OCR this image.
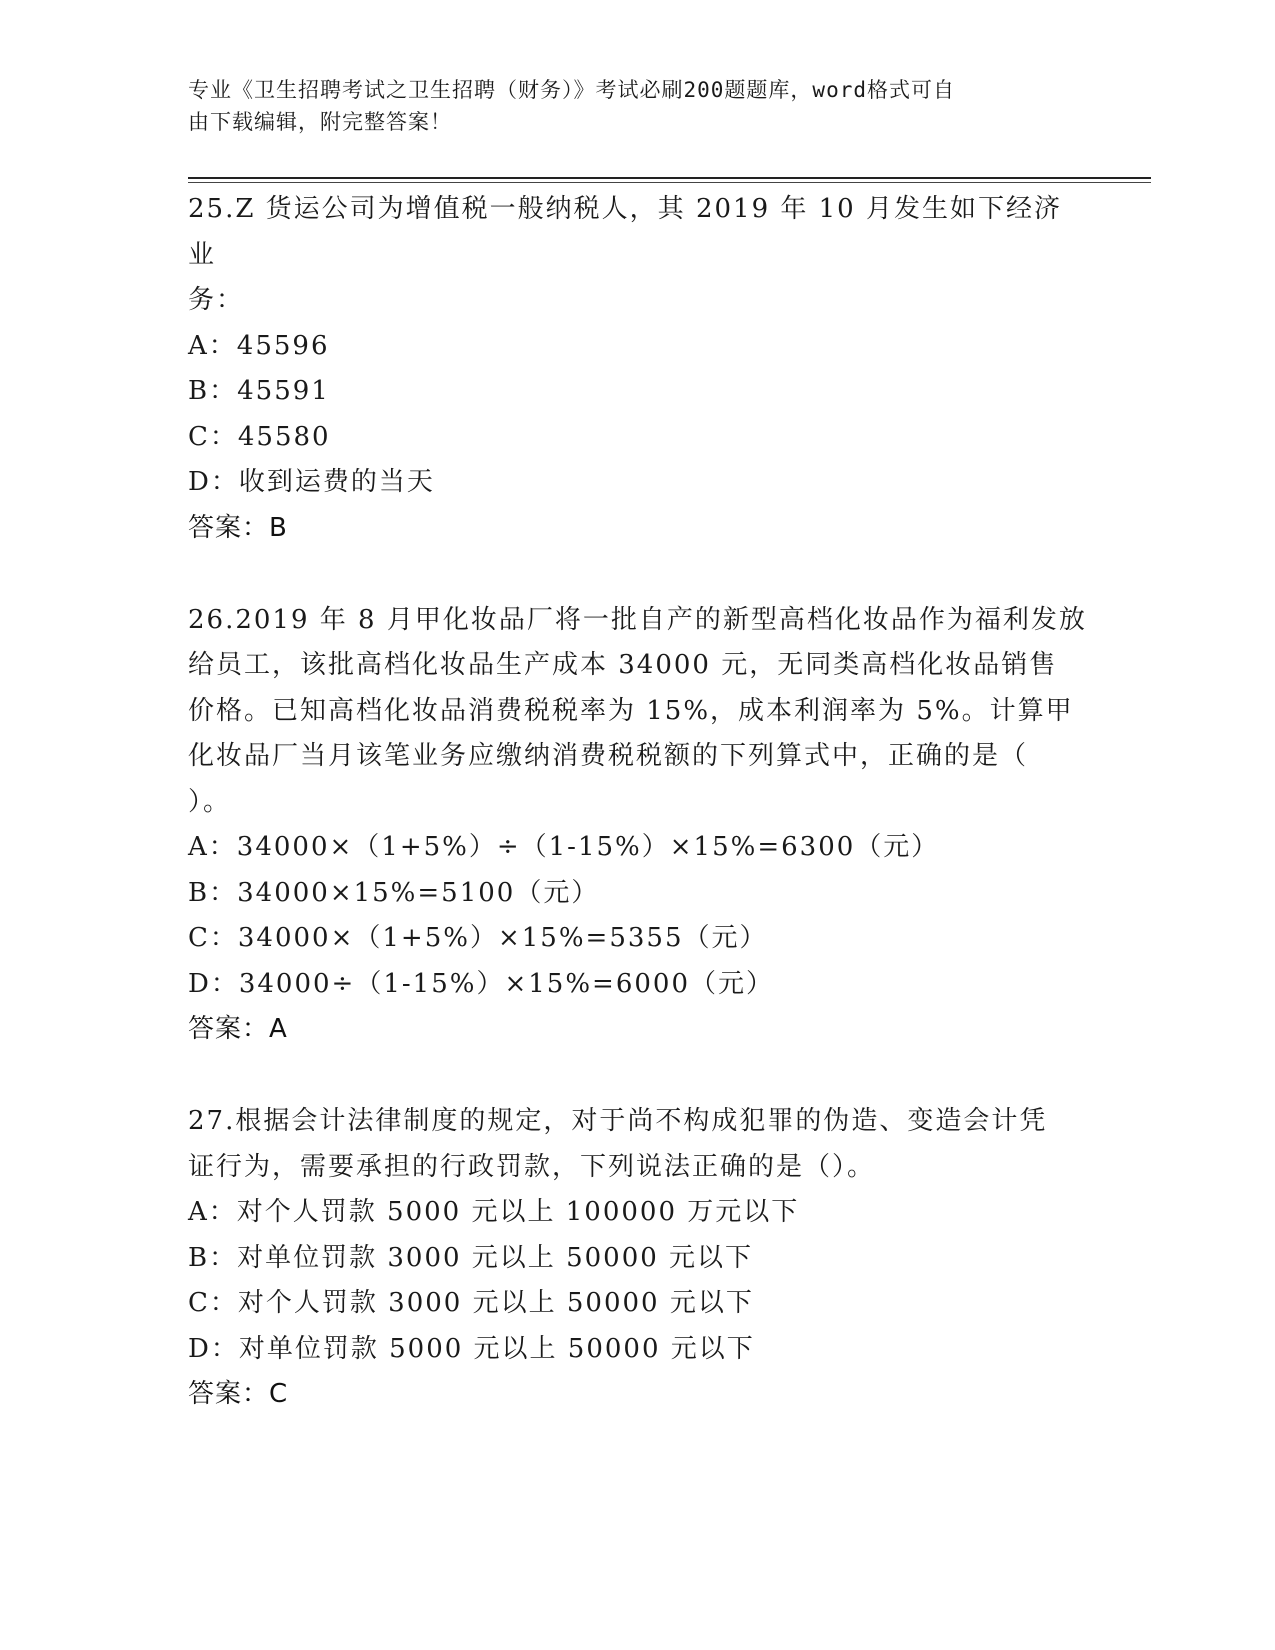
专业《卫生招聘考试之卫生招聘（财务）》考试必刷200题题库，word格式可自
由下载编辑，附完整答案！
25.Z 货运公司为增值税一般纳税人，其 2019 年 10 月发生如下经济业
务：
A：45596
B：45591
C：45580
D：收到运费的当天
答案：B
26.2019 年 8 月甲化妆品厂将一批自产的新型高档化妆品作为福利发放
给员工，该批高档化妆品生产成本 34000 元，无同类高档化妆品销售
价格。已知高档化妆品消费税税率为 15%，成本利润率为 5%。计算甲
化妆品厂当月该笔业务应缴纳消费税税额的下列算式中，正确的是（
）。
A：34000×（1+5%）÷（1-15%）×15%=6300（元）
B：34000×15%=5100（元）
C：34000×（1+5%）×15%=5355（元）
D：34000÷（1-15%）×15%=6000（元）
答案：A
27.根据会计法律制度的规定，对于尚不构成犯罪的伪造、变造会计凭
证行为，需要承担的行政罚款，下列说法正确的是（）。
A：对个人罚款 5000 元以上 100000 万元以下
B：对单位罚款 3000 元以上 50000 元以下
C：对个人罚款 3000 元以上 50000 元以下
D：对单位罚款 5000 元以上 50000 元以下
答案：C
